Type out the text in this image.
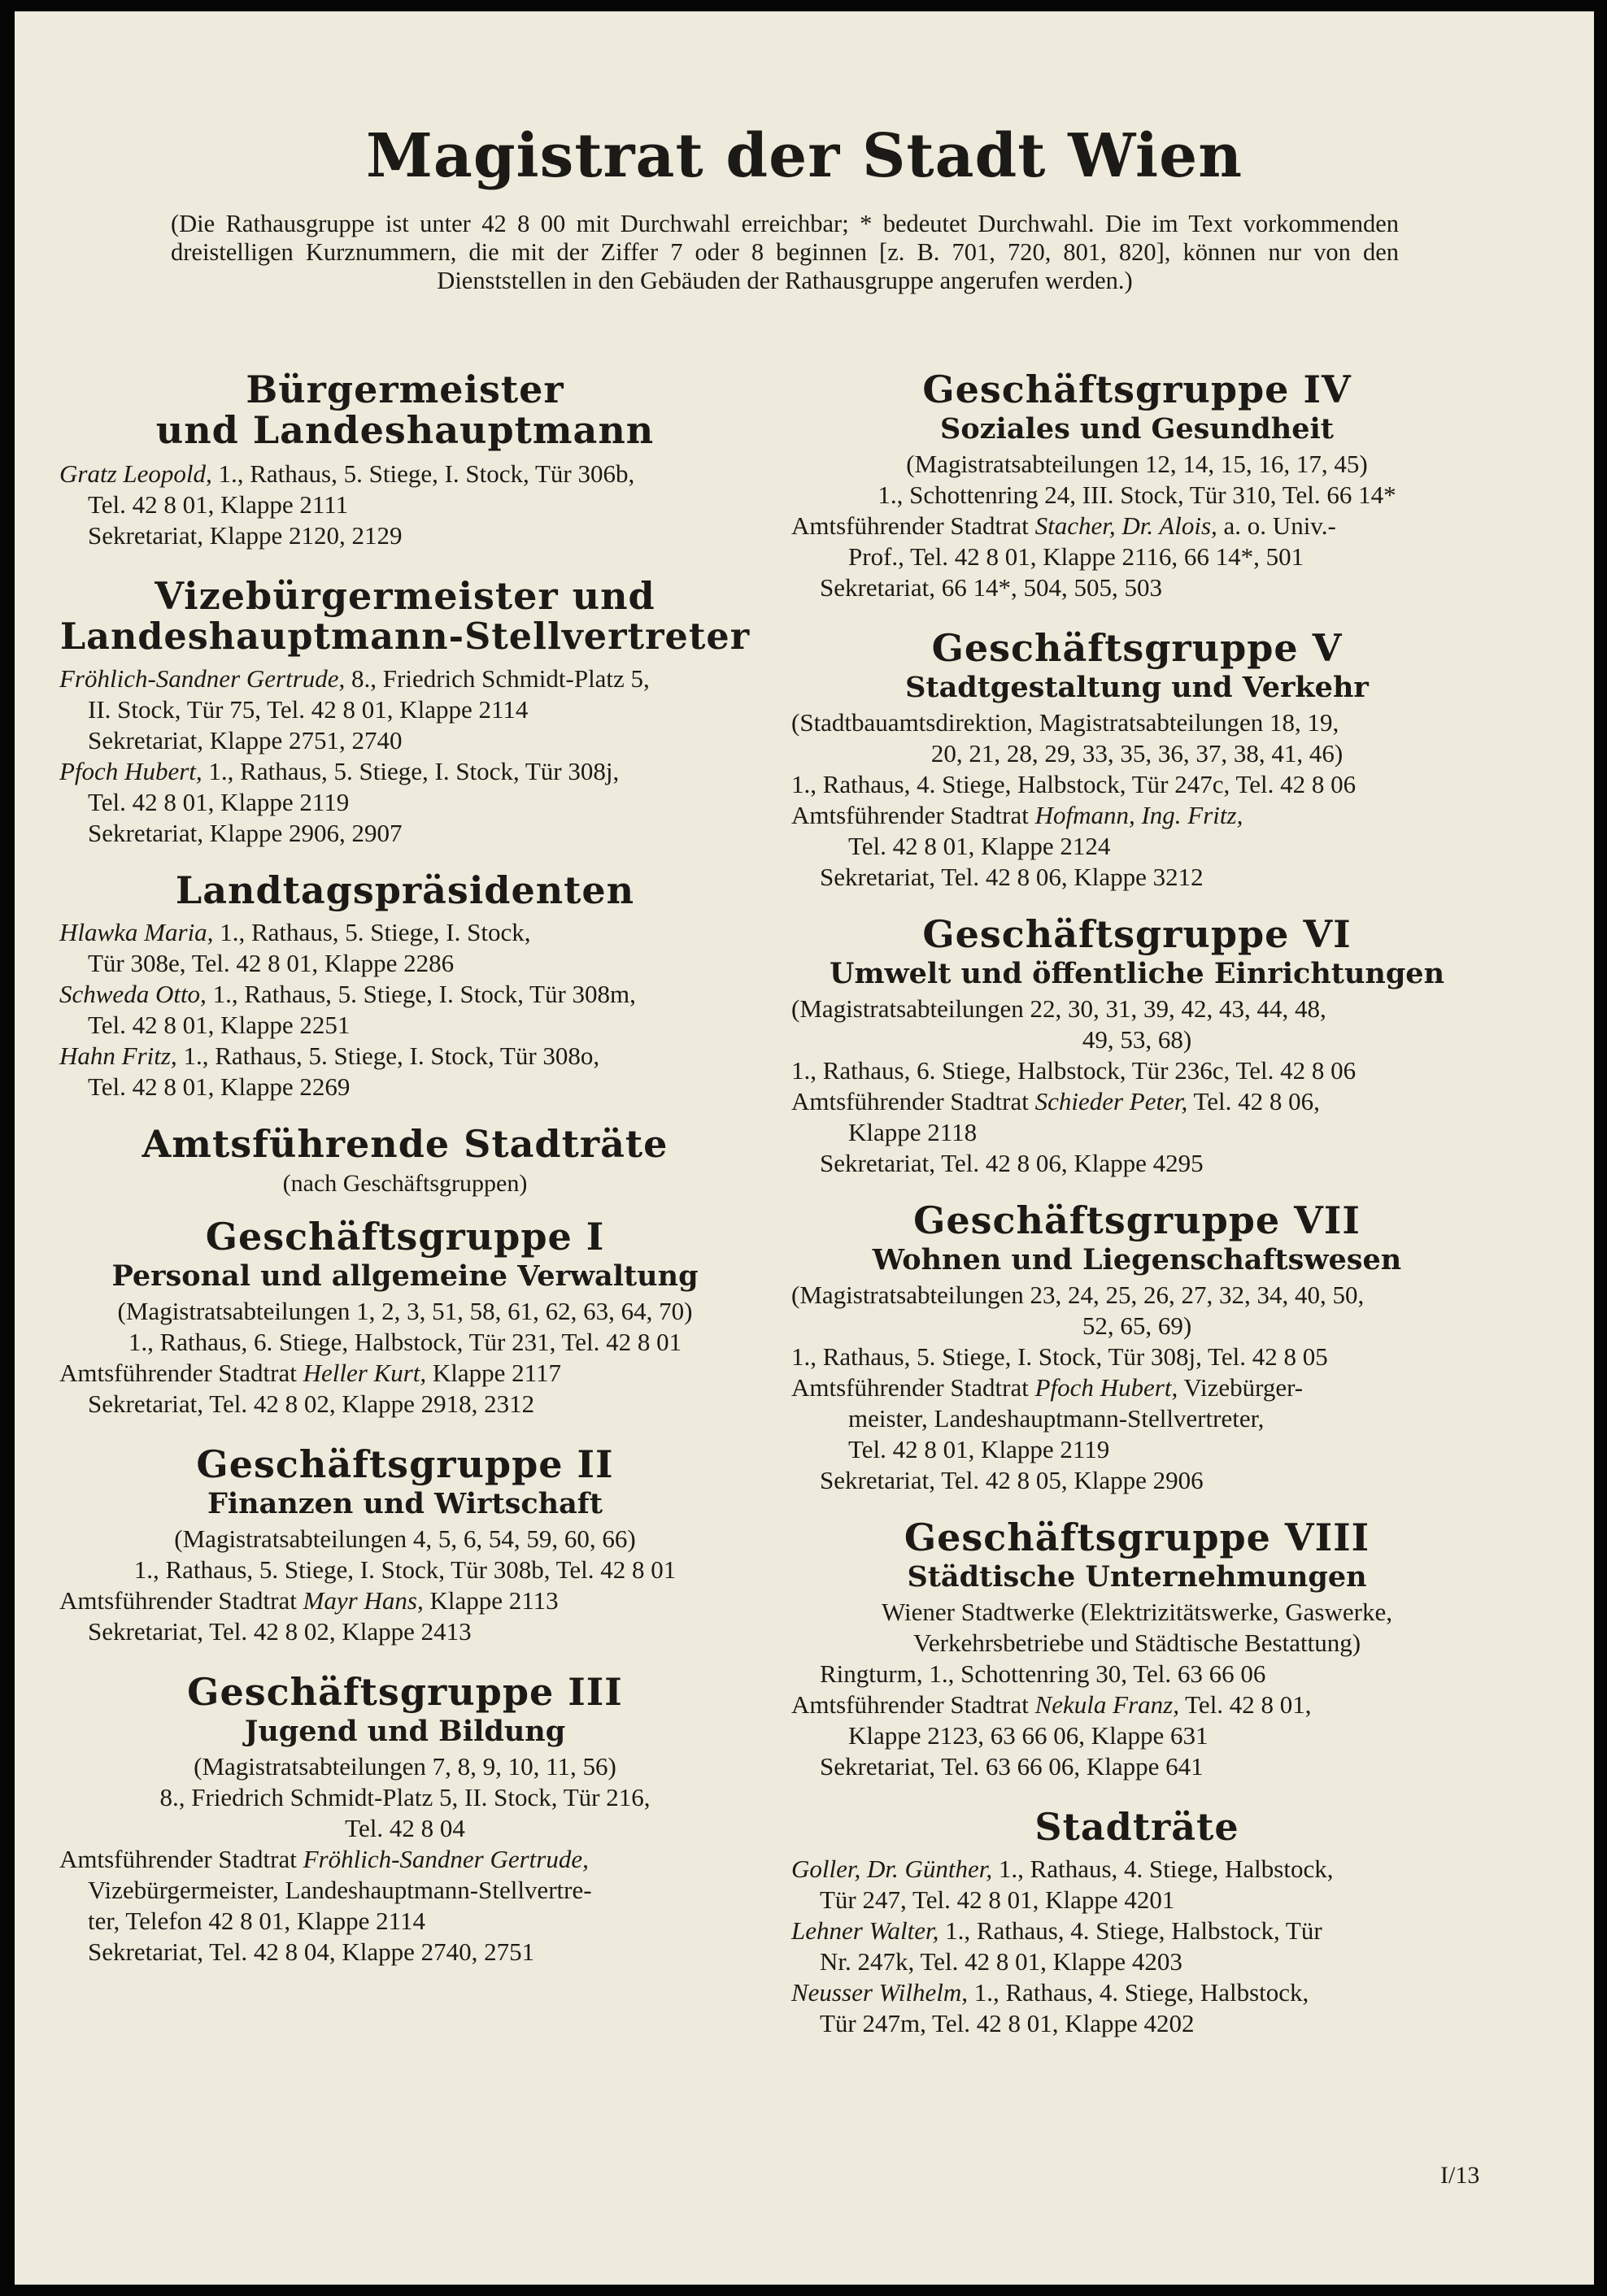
Magistrat der Stadt Wien

(Die Rathausgruppe ist unter 42 8 00 mit Durchwahl erreichbar; * bedeutet Durchwahl. Die im Text vorkommenden dreistelligen Kurznummern, die mit der Ziffer 7 oder 8 beginnen [z. B. 701, 720, 801, 820], können nur von den Dienststellen in den Gebäuden der Rathausgruppe angerufen werden.)

Bürgermeister
und Landeshauptmann

Gratz Leopold, 1., Rathaus, 5. Stiege, I. Stock, Tür 306b,

Tel. 42 8 01, Klappe 2111

Sekretariat, Klappe 2120, 2129

Vizebürgermeister und
Landeshauptmann-Stellvertreter

Fröhlich-Sandner Gertrude, 8., Friedrich Schmidt-Platz 5,

II. Stock, Tür 75, Tel. 42 8 01, Klappe 2114

Sekretariat, Klappe 2751, 2740

Pfoch Hubert, 1., Rathaus, 5. Stiege, I. Stock, Tür 308j,

Tel. 42 8 01, Klappe 2119

Sekretariat, Klappe 2906, 2907

Landtagspräsidenten

Hlawka Maria, 1., Rathaus, 5. Stiege, I. Stock,

Tür 308e, Tel. 42 8 01, Klappe 2286

Schweda Otto, 1., Rathaus, 5. Stiege, I. Stock, Tür 308m,

Tel. 42 8 01, Klappe 2251

Hahn Fritz, 1., Rathaus, 5. Stiege, I. Stock, Tür 308o,

Tel. 42 8 01, Klappe 2269

Amtsführende Stadträte
(nach Geschäftsgruppen)
Geschäftsgruppe I
Personal und allgemeine Verwaltung

(Magistratsabteilungen 1, 2, 3, 51, 58, 61, 62, 63, 64, 70)

1., Rathaus, 6. Stiege, Halbstock, Tür 231, Tel. 42 8 01

Amtsführender Stadtrat Heller Kurt, Klappe 2117

Sekretariat, Tel. 42 8 02, Klappe 2918, 2312

Geschäftsgruppe II
Finanzen und Wirtschaft

(Magistratsabteilungen 4, 5, 6, 54, 59, 60, 66)

1., Rathaus, 5. Stiege, I. Stock, Tür 308b, Tel. 42 8 01

Amtsführender Stadtrat Mayr Hans, Klappe 2113

Sekretariat, Tel. 42 8 02, Klappe 2413

Geschäftsgruppe III
Jugend und Bildung

(Magistratsabteilungen 7, 8, 9, 10, 11, 56)

8., Friedrich Schmidt-Platz 5, II. Stock, Tür 216,

Tel. 42 8 04

Amtsführender Stadtrat Fröhlich-Sandner Gertrude,

Vizebürgermeister, Landeshauptmann-Stellvertre-

ter, Telefon 42 8 01, Klappe 2114

Sekretariat, Tel. 42 8 04, Klappe 2740, 2751

Geschäftsgruppe IV
Soziales und Gesundheit

(Magistratsabteilungen 12, 14, 15, 16, 17, 45)

1., Schottenring 24, III. Stock, Tür 310, Tel. 66 14*

Amtsführender Stadtrat Stacher, Dr. Alois, a. o. Univ.-

Prof., Tel. 42 8 01, Klappe 2116, 66 14*, 501

Sekretariat, 66 14*, 504, 505, 503

Geschäftsgruppe V
Stadtgestaltung und Verkehr

(Stadtbauamtsdirektion, Magistratsabteilungen 18, 19,

20, 21, 28, 29, 33, 35, 36, 37, 38, 41, 46)

1., Rathaus, 4. Stiege, Halbstock, Tür 247c, Tel. 42 8 06

Amtsführender Stadtrat Hofmann, Ing. Fritz,

Tel. 42 8 01, Klappe 2124

Sekretariat, Tel. 42 8 06, Klappe 3212

Geschäftsgruppe VI
Umwelt und öffentliche Einrichtungen

(Magistratsabteilungen 22, 30, 31, 39, 42, 43, 44, 48,

49, 53, 68)

1., Rathaus, 6. Stiege, Halbstock, Tür 236c, Tel. 42 8 06

Amtsführender Stadtrat Schieder Peter, Tel. 42 8 06,

Klappe 2118

Sekretariat, Tel. 42 8 06, Klappe 4295

Geschäftsgruppe VII
Wohnen und Liegenschaftswesen

(Magistratsabteilungen 23, 24, 25, 26, 27, 32, 34, 40, 50,

52, 65, 69)

1., Rathaus, 5. Stiege, I. Stock, Tür 308j, Tel. 42 8 05

Amtsführender Stadtrat Pfoch Hubert, Vizebürger-

meister, Landeshauptmann-Stellvertreter,

Tel. 42 8 01, Klappe 2119

Sekretariat, Tel. 42 8 05, Klappe 2906

Geschäftsgruppe VIII
Städtische Unternehmungen

Wiener Stadtwerke (Elektrizitätswerke, Gaswerke,

Verkehrsbetriebe und Städtische Bestattung)

Ringturm, 1., Schottenring 30, Tel. 63 66 06

Amtsführender Stadtrat Nekula Franz, Tel. 42 8 01,

Klappe 2123, 63 66 06, Klappe 631

Sekretariat, Tel. 63 66 06, Klappe 641

Stadträte

Goller, Dr. Günther, 1., Rathaus, 4. Stiege, Halbstock,

Tür 247, Tel. 42 8 01, Klappe 4201

Lehner Walter, 1., Rathaus, 4. Stiege, Halbstock, Tür

Nr. 247k, Tel. 42 8 01, Klappe 4203

Neusser Wilhelm, 1., Rathaus, 4. Stiege, Halbstock,

Tür 247m, Tel. 42 8 01, Klappe 4202

I/13
